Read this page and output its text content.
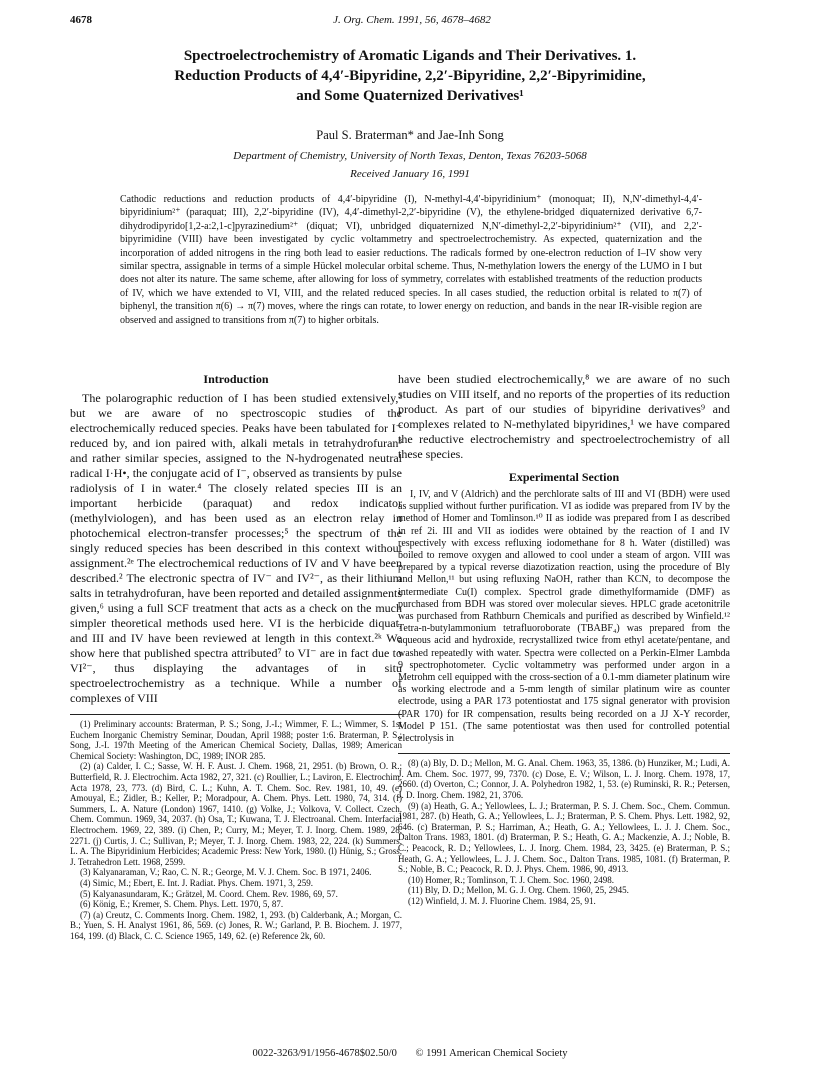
4678	J. Org. Chem. 1991, 56, 4678–4682
Spectroelectrochemistry of Aromatic Ligands and Their Derivatives. 1.
Reduction Products of 4,4′-Bipyridine, 2,2′-Bipyridine, 2,2′-Bipyrimidine,
and Some Quaternized Derivatives¹
Paul S. Braterman* and Jae-Inh Song
Department of Chemistry, University of North Texas, Denton, Texas 76203-5068
Received January 16, 1991

Cathodic reductions and reduction products of 4,4′-bipyridine (I), N-methyl-4,4′-bipyridinium⁺ (monoquat; II), N,N′-dimethyl-4,4′-bipyridinium²⁺ (paraquat; III), 2,2′-bipyridine (IV), 4,4′-dimethyl-2,2′-bipyridine (V), the ethylene-bridged diquaternized derivative 6,7-dihydrodipyrido[1,2-a:2,1-c]pyrazinedium²⁺ (diquat; VI), unbridged diquaternized N,N′-dimethyl-2,2′-bipyridinium²⁺ (VII), and 2,2′-bipyrimidine (VIII) have been investigated by cyclic voltammetry and spectroelectrochemistry. As expected, quaternization and the incorporation of added nitrogens in the ring both lead to easier reductions. The radicals formed by one-electron reduction of I–IV show very similar spectra, assignable in terms of a simple Hückel molecular orbital scheme. Thus, N-methylation lowers the energy of the LUMO in I but does not alter its nature. The same scheme, after allowing for loss of symmetry, correlates with established treatments of the reduction products of IV, which we have extended to VI, VIII, and the related reduced species. In all cases studied, the reduction orbital is related to π(7) of biphenyl, the transition π(6) → π(7) moves, where the rings can rotate, to lower energy on reduction, and bands in the near IR-visible region are observed and assigned to transitions from π(7) to higher orbitals.

Introduction

The polarographic reduction of I has been studied extensively,² but we are aware of no spectroscopic studies of the electrochemically reduced species. Peaks have been tabulated for I⁻ reduced by, and ion paired with, alkali metals in tetrahydrofuran³ and rather similar species, assigned to the N-hydrogenated neutral radical I·H•, the conjugate acid of I⁻, observed as transients by pulse radiolysis of I in water.⁴ The closely related species III is an important herbicide (paraquat) and redox indicator (methylviologen), and has been used as an electron relay in photochemical electron-transfer processes;⁵ the spectrum of the singly reduced species has been described in this context without assignment.²ᵉ The electrochemical reductions of IV and V have been described.² The electronic spectra of IV⁻ and IV²⁻, as their lithium salts in tetrahydrofuran, have been reported and detailed assignments given,⁶ using a full SCF treatment that acts as a check on the much simpler theoretical methods used here. VI is the herbicide diquat, and III and IV have been reviewed at length in this context.²ᵏ We show here that published spectra attributed⁷ to VI⁻ are in fact due to VI²⁻, thus displaying the advantages of in situ spectroelectrochemistry as a technique. While a number of complexes of VIII

(1) Preliminary accounts: Braterman, P. S.; Song, J.-I.; Wimmer, F. L.; Wimmer, S. 1st Euchem Inorganic Chemistry Seminar, Doudan, April 1988; poster 1:6. Braterman, P. S.; Song, J.-I. 197th Meeting of the American Chemical Society, Dallas, 1989; American Chemical Society: Washington, DC, 1989; INOR 285.
(2) (a) Calder, I. C.; Sasse, W. H. F. Aust. J. Chem. 1968, 21, 2951. (b) Brown, O. R.; Butterfield, R. J. Electrochim. Acta 1982, 27, 321. (c) Roullier, L.; Laviron, E. Electrochim. Acta 1978, 23, 773. (d) Bird, C. L.; Kuhn, A. T. Chem. Soc. Rev. 1981, 10, 49. (e) Amouyal, E.; Zidler, B.; Keller, P.; Moradpour, A. Chem. Phys. Lett. 1980, 74, 314. (f) Summers, L. A. Nature (London) 1967, 1410. (g) Volke, J.; Volkova, V. Collect. Czech. Chem. Commun. 1969, 34, 2037. (h) Osa, T.; Kuwana, T. J. Electroanal. Chem. Interfacial Electrochem. 1969, 22, 389. (i) Chen, P.; Curry, M.; Meyer, T. J. Inorg. Chem. 1989, 28, 2271. (j) Curtis, J. C.; Sullivan, P.; Meyer, T. J. Inorg. Chem. 1983, 22, 224. (k) Summers, L. A. The Bipyridinium Herbicides; Academic Press: New York, 1980. (l) Hünig, S.; Gross, J. Tetrahedron Lett. 1968, 2599.
(3) Kalyanaraman, V.; Rao, C. N. R.; George, M. V. J. Chem. Soc. B 1971, 2406.
(4) Simic, M.; Ebert, E. Int. J. Radiat. Phys. Chem. 1971, 3, 259.
(5) Kalyanasundaram, K.; Grätzel, M. Coord. Chem. Rev. 1986, 69, 57.
(6) König, E.; Kremer, S. Chem. Phys. Lett. 1970, 5, 87.
(7) (a) Creutz, C. Comments Inorg. Chem. 1982, 1, 293. (b) Calderbank, A.; Morgan, C. B.; Yuen, S. H. Analyst 1961, 86, 569. (c) Jones, R. W.; Garland, P. B. Biochem. J. 1977, 164, 199. (d) Black, C. C. Science 1965, 149, 62. (e) Reference 2k, 60.

have been studied electrochemically,⁸ we are aware of no such studies on VIII itself, and no reports of the properties of its reduction product. As part of our studies of bipyridine derivatives⁹ and complexes related to N-methylated bipyridines,¹ we have compared the reductive electrochemistry and spectroelectrochemistry of all these species.

Experimental Section

I, IV, and V (Aldrich) and the perchlorate salts of III and VI (BDH) were used as supplied without further purification. VI as iodide was prepared from IV by the method of Homer and Tomlinson.¹⁰ II as iodide was prepared from I as described in ref 2i. III and VII as iodides were obtained by the reaction of I and IV respectively with excess refluxing iodomethane for 8 h. Water (distilled) was boiled to remove oxygen and allowed to cool under a steam of argon. VIII was prepared by a typical reverse diazotization reaction, using the procedure of Bly and Mellon,¹¹ but using refluxing NaOH, rather than KCN, to decompose the intermediate Cu(I) complex. Spectrol grade dimethylformamide (DMF) as purchased from BDH was stored over molecular sieves. HPLC grade acetonitrile was purchased from Rathburn Chemicals and purified as described by Winfield.¹² Tetra-n-butylammonium tetrafluoroborate (TBABF₄) was prepared from the aqueous acid and hydroxide, recrystallized twice from ethyl acetate/pentane, and washed repeatedly with water. Spectra were collected on a Perkin-Elmer Lambda 9 spectrophotometer. Cyclic voltammetry was performed under argon in a Metrohm cell equipped with the cross-section of a 0.1-mm diameter platinum wire as working electrode and a 5-mm length of similar platinum wire as counter electrode, using a PAR 173 potentiostat and 175 signal generator with provision (PAR 170) for IR compensation, results being recorded on a JJ X-Y recorder, Model P 151. (The same potentiostat was then used for controlled potential electrolysis in

(8) (a) Bly, D. D.; Mellon, M. G. Anal. Chem. 1963, 35, 1386. (b) Hunziker, M.; Ludi, A. J. Am. Chem. Soc. 1977, 99, 7370. (c) Dose, E. V.; Wilson, L. J. Inorg. Chem. 1978, 17, 2660. (d) Overton, C.; Connor, J. A. Polyhedron 1982, 1, 53. (e) Ruminski, R. R.; Petersen, J. D. Inorg. Chem. 1982, 21, 3706.
(9) (a) Heath, G. A.; Yellowlees, L. J.; Braterman, P. S. J. Chem. Soc., Chem. Commun. 1981, 287. (b) Heath, G. A.; Yellowlees, L. J.; Braterman, P. S. Chem. Phys. Lett. 1982, 92, 646. (c) Braterman, P. S.; Harriman, A.; Heath, G. A.; Yellowlees, L. J. J. Chem. Soc., Dalton Trans. 1983, 1801. (d) Braterman, P. S.; Heath, G. A.; Mackenzie, A. J.; Noble, B. C.; Peacock, R. D.; Yellowlees, L. J. Inorg. Chem. 1984, 23, 3425. (e) Braterman, P. S.; Heath, G. A.; Yellowlees, L. J. J. Chem. Soc., Dalton Trans. 1985, 1081. (f) Braterman, P. S.; Noble, B. C.; Peacock, R. D. J. Phys. Chem. 1986, 90, 4913.
(10) Homer, R.; Tomlinson, T. J. Chem. Soc. 1960, 2498.
(11) Bly, D. D.; Mellon, M. G. J. Org. Chem. 1960, 25, 2945.
(12) Winfield, J. M. J. Fluorine Chem. 1984, 25, 91.
0022-3263/91/1956-4678$02.50/0 © 1991 American Chemical Society
